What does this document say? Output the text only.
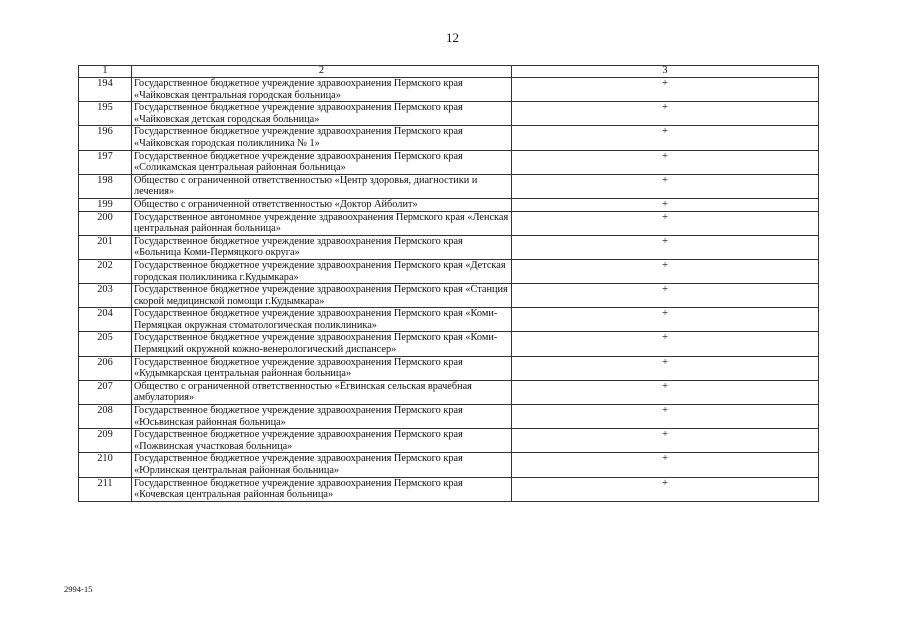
12
1	2	3
194	Государственное бюджетное учреждение здравоохранения Пермского края «Чайковская центральная городская больница»	+
195	Государственное бюджетное учреждение здравоохранения Пермского края «Чайковская детская городская больница»	+
196	Государственное бюджетное учреждение здравоохранения Пермского края «Чайковская городская поликлиника № 1»	+
197	Государственное бюджетное учреждение здравоохранения Пермского края «Соликамская центральная районная больница»	+
198	Общество с ограниченной ответственностью «Центр здоровья, диагностики и лечения»	+
199	Общество с ограниченной ответственностью «Доктор Айболит»	+
200	Государственное автономное учреждение здравоохранения Пермского края «Ленская центральная районная больница»	+
201	Государственное бюджетное учреждение здравоохранения Пермского края «Больница Коми-Пермяцкого округа»	+
202	Государственное бюджетное учреждение здравоохранения Пермского края «Детская городская поликлиника г.Кудымкара»	+
203	Государственное бюджетное учреждение здравоохранения Пермского края «Станция скорой медицинской помощи г.Кудымкара»	+
204	Государственное бюджетное учреждение здравоохранения Пермского края «Коми-Пермяцкая окружная стоматологическая поликлиника»	+
205	Государственное бюджетное учреждение здравоохранения Пермского края «Коми-Пермяцкий окружной кожно-венерологический диспансер»	+
206	Государственное бюджетное учреждение здравоохранения Пермского края «Кудымкарская центральная районная больница»	+
207	Общество с ограниченной ответственностью «Ёгвинская сельская врачебная амбулатория»	+
208	Государственное бюджетное учреждение здравоохранения Пермского края «Юсьвинская районная больница»	+
209	Государственное бюджетное учреждение здравоохранения Пермского края «Пожвинская участковая больница»	+
210	Государственное бюджетное учреждение здравоохранения Пермского края «Юрлинская центральная районная больница»	+
211	Государственное бюджетное учреждение здравоохранения Пермского края «Кочевская центральная районная больница»	+
2994-15
